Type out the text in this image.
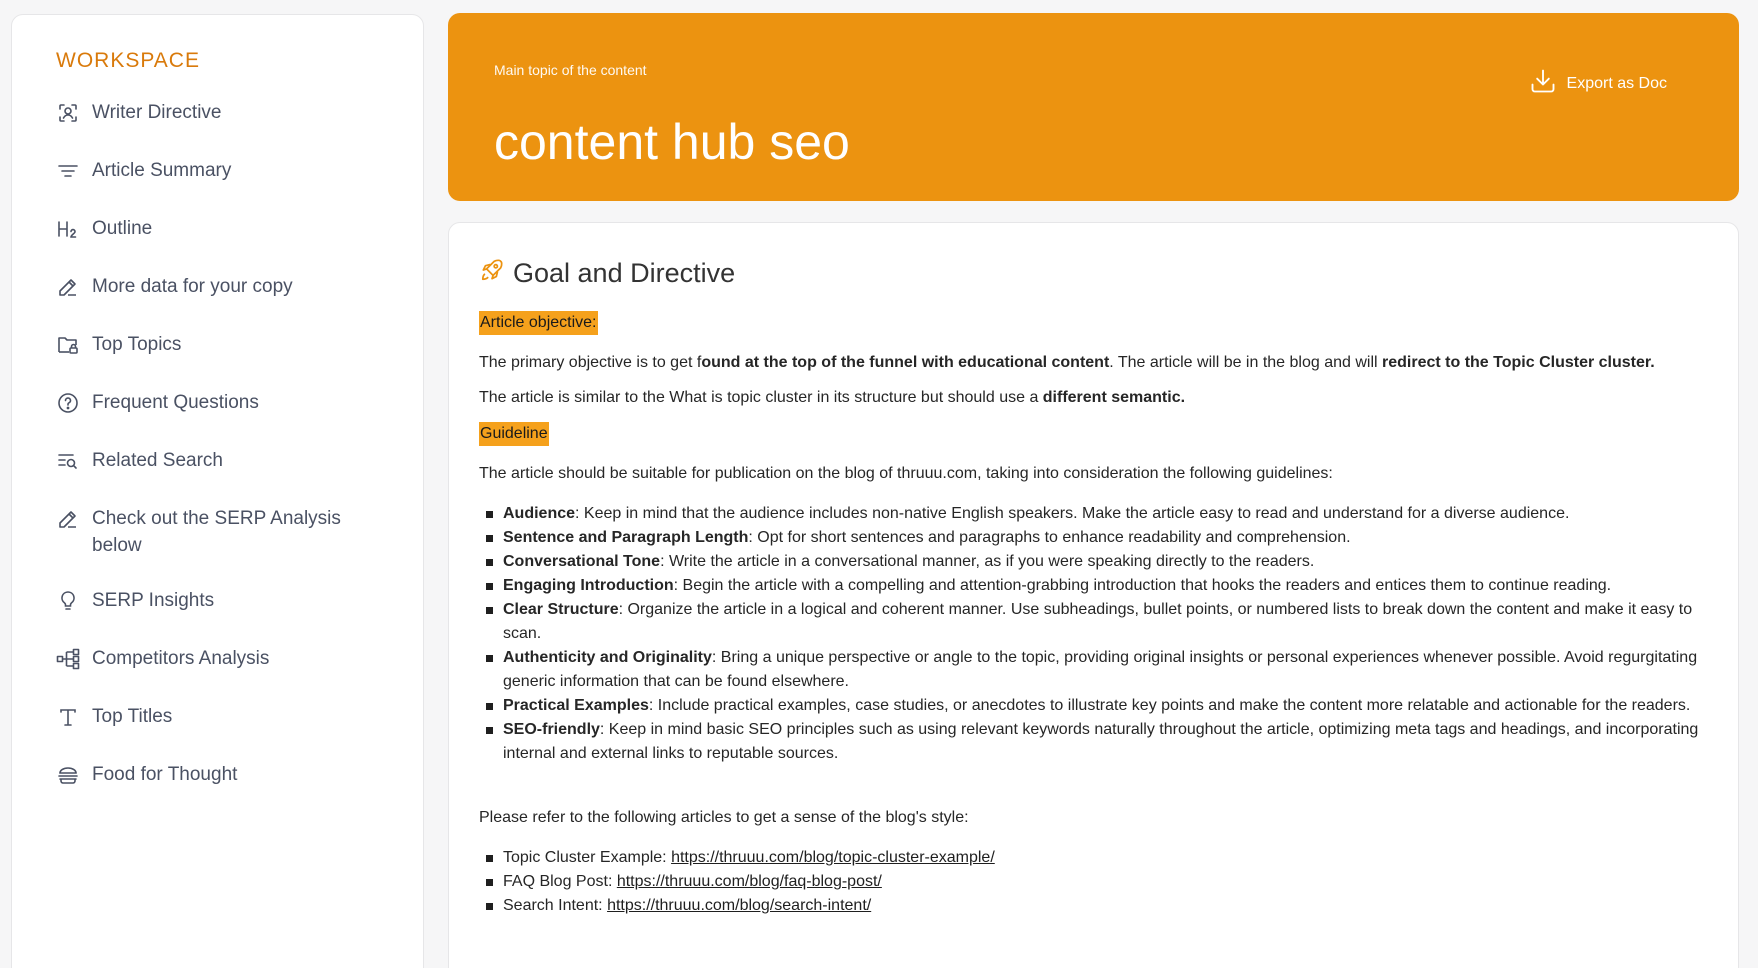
WORKSPACE
Writer Directive
Article Summary
Outline
More data for your copy
Top Topics
Frequent Questions
Related Search
Check out the SERP Analysis below
SERP Insights
Competitors Analysis
Top Titles
Food for Thought
Main topic of the content
content hub seo
Export as Doc
Goal and Directive
Article objective:

The primary objective is to get found at the top of the funnel with educational content. The article will be in the blog and will redirect to the Topic Cluster cluster.

The article is similar to the What is topic cluster in its structure but should use a different semantic.

Guideline

The article should be suitable for publication on the blog of thruuu.com, taking into consideration the following guidelines:

Audience: Keep in mind that the audience includes non-native English speakers. Make the article easy to read and understand for a diverse audience.
Sentence and Paragraph Length: Opt for short sentences and paragraphs to enhance readability and comprehension.
Conversational Tone: Write the article in a conversational manner, as if you were speaking directly to the readers.
Engaging Introduction: Begin the article with a compelling and attention-grabbing introduction that hooks the readers and entices them to continue reading.
Clear Structure: Organize the article in a logical and coherent manner. Use subheadings, bullet points, or numbered lists to break down the content and make it easy to scan.
Authenticity and Originality: Bring a unique perspective or angle to the topic, providing original insights or personal experiences whenever possible. Avoid regurgitating generic information that can be found elsewhere.
Practical Examples: Include practical examples, case studies, or anecdotes to illustrate key points and make the content more relatable and actionable for the readers.
SEO-friendly: Keep in mind basic SEO principles such as using relevant keywords naturally throughout the article, optimizing meta tags and headings, and incorporating internal and external links to reputable sources.

Please refer to the following articles to get a sense of the blog's style:

Topic Cluster Example: https://thruuu.com/blog/topic-cluster-example/
FAQ Blog Post: https://thruuu.com/blog/faq-blog-post/
Search Intent: https://thruuu.com/blog/search-intent/
